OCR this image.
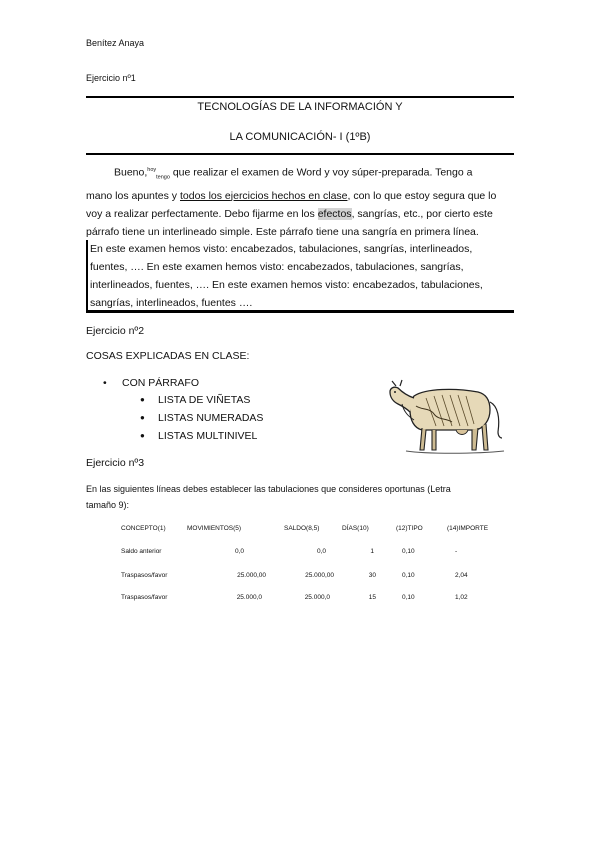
Benítez Anaya
Ejercicio nº1
TECNOLOGÍAS DE LA INFORMACIÓN Y
LA COMUNICACIÓN- I (1ºB)
Bueno,$^{hoy}_{tengo}$ que realizar el examen de Word y voy súper-preparada. Tengo a
mano los apuntes y todos los ejercicios hechos en clase, con lo que estoy segura que lo
voy a realizar perfectamente. Debo fijarme en los efectos, sangrías, etc., por cierto este
párrafo tiene un interlineado simple. Este párrafo tiene una sangría en primera línea.
En este examen hemos visto: encabezados, tabulaciones, sangrías, interlineados,
fuentes, …. En este examen hemos visto: encabezados, tabulaciones, sangrías,
interlineados, fuentes, …. En este examen hemos visto: encabezados, tabulaciones,
sangrías, interlineados, fuentes ….
Ejercicio nº2
COSAS EXPLICADAS EN CLASE:
• CON PÁRRAFO
● LISTA DE VIÑETAS
● LISTAS NUMERADAS
● LISTAS MULTINIVEL
Ejercicio nº3
En las siguientes líneas debes establecer las tabulaciones que consideres oportunas (Letra
tamaño 9):
CONCEPTO(1)	MOVIMIENTOS(5)	SALDO(8,5)	DÍAS(10)	(12)TIPO	(14)IMPORTE
Saldo anterior	0,0	0,0	1	0,10	-
Traspasos/favor	25.000,00	25.000,00	30	0,10	2,04
Traspasos/favor	25.000,0	25.000,0	15	0,10	1,02
